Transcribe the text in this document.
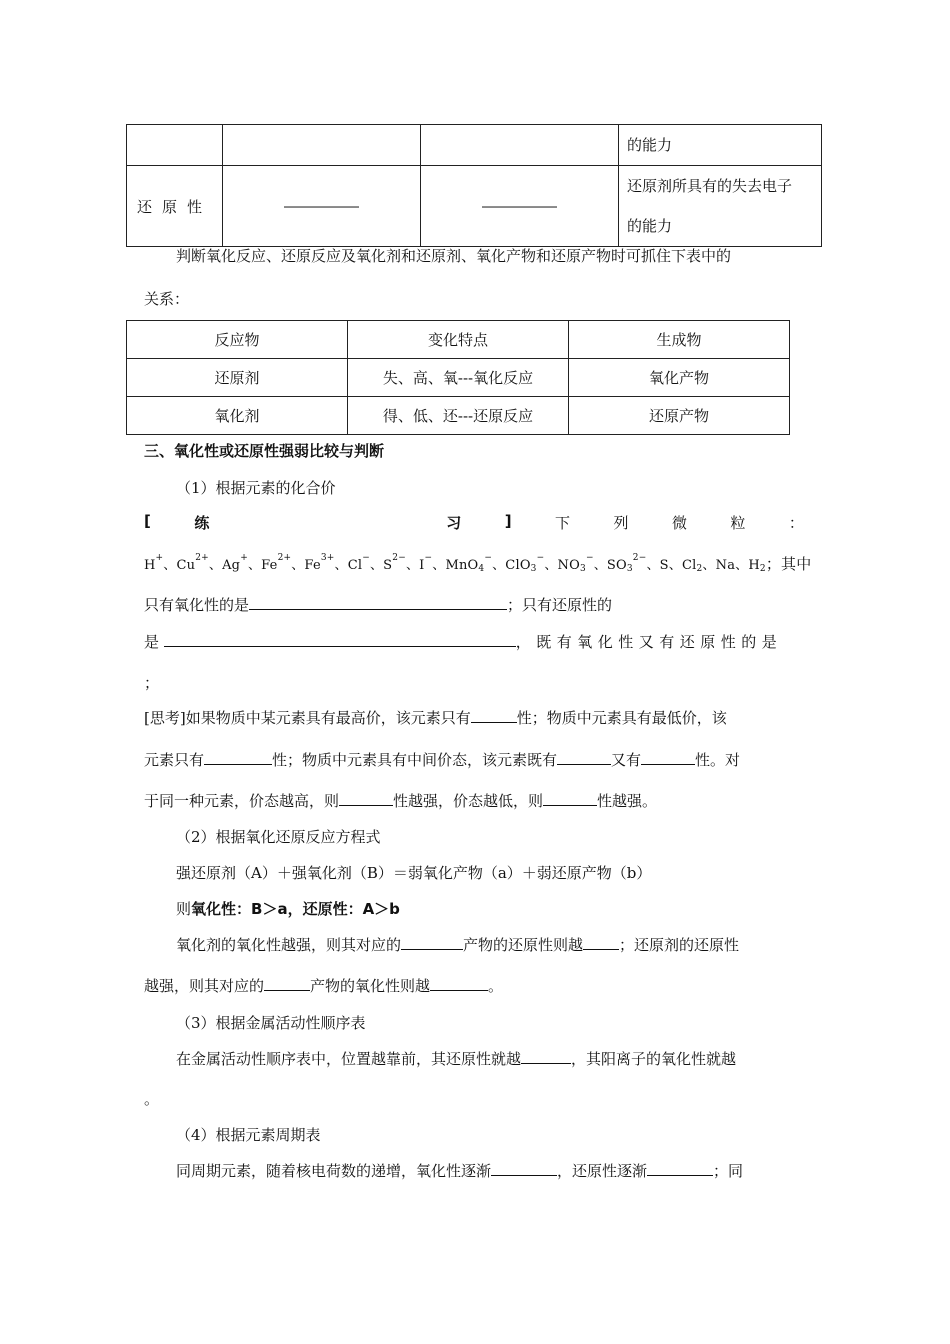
			的能力
还原性	―――――	―――――	还原剂所具有的失去电子
的能力
判断氧化反应、还原反应及氧化剂和还原剂、氧化产物和还原产物时可抓住下表中的
关系：
反应物	变化特点	生成物
还原剂	失、高、氧---氧化反应	氧化产物
氧化剂	得、低、还---还原反应	还原产物
三、氧化性或还原性强弱比较与判断
（1）根据元素的化合价
[	练	习	]	下	列	微	粒	：
H+、$Cu^{2+}$、Ag+、$Fe^{2+}$、$Fe^{3+}$、Cl−、$S^{2-}$、I−、MnO4−、ClO3−、NO3−、$SO3^{2-}$、S、Cl2、Na、H2；其中
只有氧化性的是	；只有还原性的
是	，既有氧化性又有还原性的是
；
[思考]如果物质中某元素具有最高价，该元素只有	性；物质中元素具有最低价，该
元素只有	性；物质中元素具有中间价态，该元素既有	又有	性。对
于同一种元素，价态越高，则	性越强，价态越低，则	性越强。
（2）根据氧化还原反应方程式
强还原剂（A）＋强氧化剂（B）＝弱氧化产物（a）＋弱还原产物（b）
则氧化性：B＞a，还原性：A＞b
氧化剂的氧化性越强，则其对应的	产物的还原性则越 ；还原剂的还原性
越强，则其对应的	产物的氧化性则越	。
（3）根据金属活动性顺序表
在金属活动性顺序表中，位置越靠前，其还原性就越	，其阳离子的氧化性就越
。
（4）根据元素周期表
同周期元素，随着核电荷数的递增，氧化性逐渐	，还原性逐渐	；同
